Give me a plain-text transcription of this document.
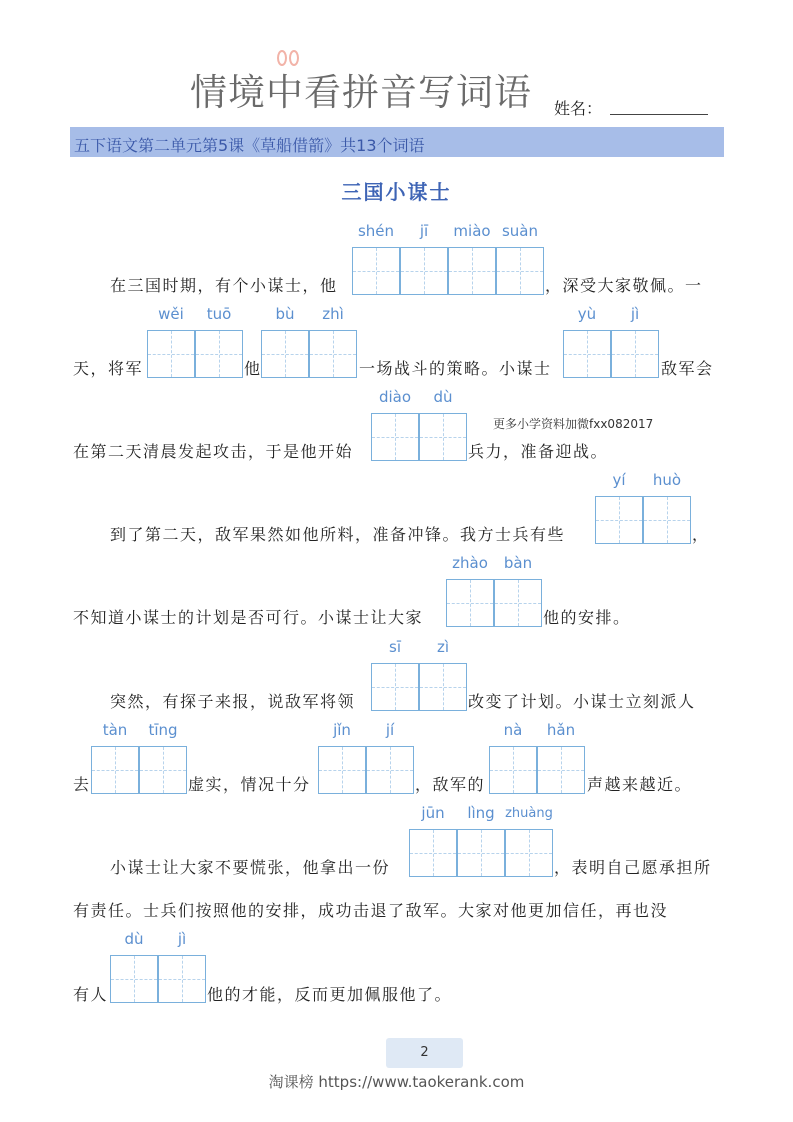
情境中看拼音写词语 姓名：
五下语文第二单元第5课《草船借箭》共13个词语
三国小谋士
在三国时期，有个小谋士，他
shén	jī	miào suàn
，深受大家敬佩。一
天，将军
wěi	tuō
他
bù	zhì
一场战斗的策略。小谋士
yù	jì
敌军会
在第二天清晨发起攻击，于是他开始
diào	dù
兵力，准备迎战。
更多小学资料加微fxx082017
到了第二天，敌军果然如他所料，准备冲锋。我方士兵有些
yí	huò
，
不知道小谋士的计划是否可行。小谋士让大家
zhào	bàn
他的安排。
突然，有探子来报，说敌军将领
sī	zì
改变了计划。小谋士立刻派人
去
tàn	tīng
虚实，情况十分
jǐn	jí
，敌军的
nà	hǎn
声越来越近。
小谋士让大家不要慌张，他拿出一份
jūn	lìng zhuàng
，表明自己愿承担所
有责任。士兵们按照他的安排，成功击退了敌军。大家对他更加信任，再也没
有人
dù	jì
他的才能，反而更加佩服他了。
2
淘课榜 https://www.taokerank.com
